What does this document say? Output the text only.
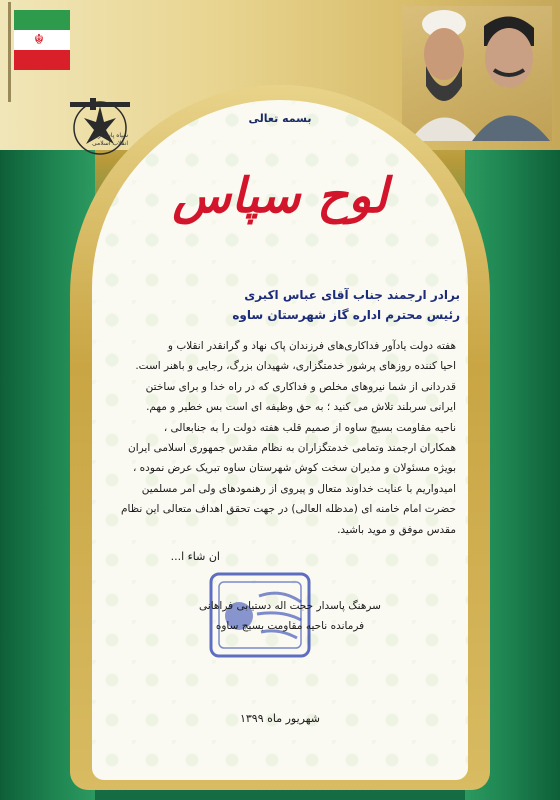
☬
سپاه پاسداران انقلاب اسلامی
بسمه تعالی
لوح سپاس
برادر ارجمند جناب آقای عباس اکبری
رئیس محترم اداره گاز شهرستان ساوه

هفته دولت یادآور فداکاری‌های فرزندان پاک نهاد و گرانقدر انقلاب و

احیا کننده روزهای پرشور خدمتگزاری، شهیدان بزرگ، رجایی و باهنر است.

قدردانی از شما نیروهای مخلص و فداکاری که در راه خدا و برای ساختن

ایرانی سربلند تلاش می کنید ؛ به حق وظیفه ای است بس خطیر و مهم.

ناحیه مقاومت بسیج ساوه از صمیم قلب هفته دولت را به جنابعالی ،

همکاران ارجمند وتمامی خدمتگزاران به نظام مقدس جمهوری اسلامی ایران

بویژه مسئولان و مدیران سخت کوش شهرستان ساوه تبریک عرض نموده ،

امیدواریم با عنایت خداوند متعال و پیروی از رهنمودهای ولی امر مسلمین

حضرت امام خامنه ای (مدظله العالی) در جهت تحقق اهداف متعالی این نظام

مقدس موفق و موید باشید.

ان شاء ا...
سرهنگ پاسدار حجت اله دستیابی فراهانی
فرمانده ناحیه مقاومت بسیج ساوه
شهریور ماه ۱۳۹۹
